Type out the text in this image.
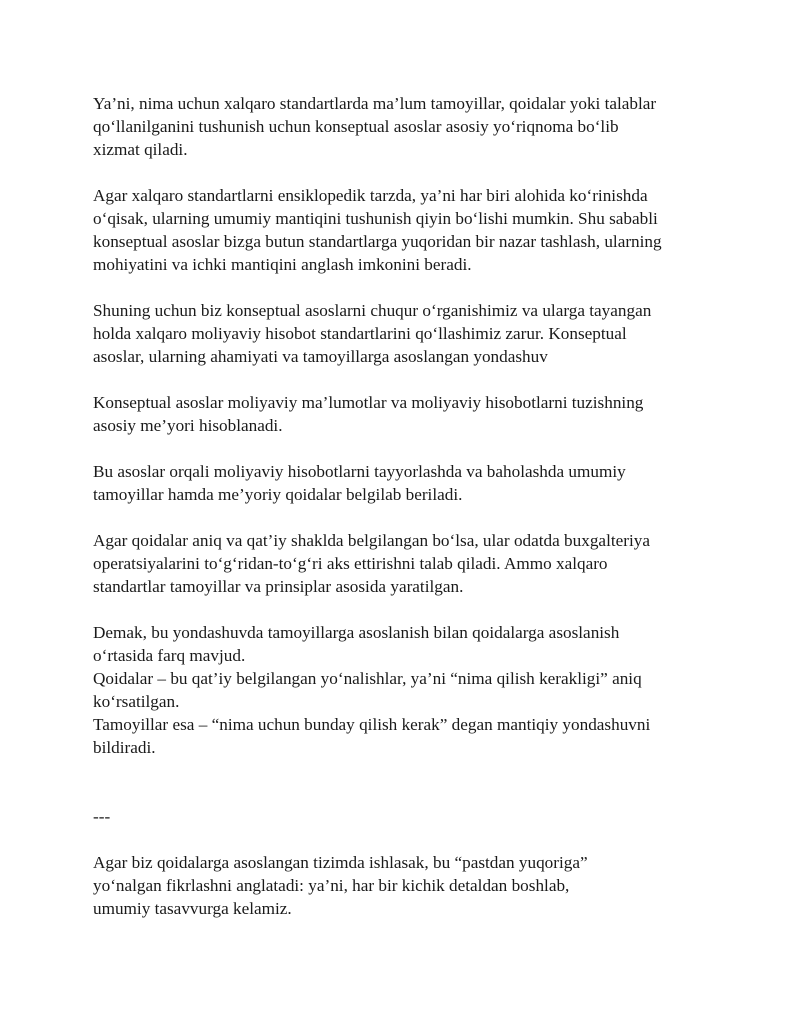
Ya’ni, nima uchun xalqaro standartlarda ma’lum tamoyillar, qoidalar yoki talablar
qo‘llanilganini tushunish uchun konseptual asoslar asosiy yo‘riqnoma bo‘lib
xizmat qiladi.
Agar xalqaro standartlarni ensiklopedik tarzda, ya’ni har biri alohida ko‘rinishda
o‘qisak, ularning umumiy mantiqini tushunish qiyin bo‘lishi mumkin. Shu sababli
konseptual asoslar bizga butun standartlarga yuqoridan bir nazar tashlash, ularning
mohiyatini va ichki mantiqini anglash imkonini beradi.
Shuning uchun biz konseptual asoslarni chuqur o‘rganishimiz va ularga tayangan
holda xalqaro moliyaviy hisobot standartlarini qo‘llashimiz zarur. Konseptual
asoslar, ularning ahamiyati va tamoyillarga asoslangan yondashuv
Konseptual asoslar moliyaviy ma’lumotlar va moliyaviy hisobotlarni tuzishning
asosiy me’yori hisoblanadi.
Bu asoslar orqali moliyaviy hisobotlarni tayyorlashda va baholashda umumiy
tamoyillar hamda me’yoriy qoidalar belgilab beriladi.
Agar qoidalar aniq va qat’iy shaklda belgilangan bo‘lsa, ular odatda buxgalteriya
operatsiyalarini to‘g‘ridan-to‘g‘ri aks ettirishni talab qiladi. Ammo xalqaro
standartlar tamoyillar va prinsiplar asosida yaratilgan.
Demak, bu yondashuvda tamoyillarga asoslanish bilan qoidalarga asoslanish
o‘rtasida farq mavjud.
Qoidalar – bu qat’iy belgilangan yo‘nalishlar, ya’ni “nima qilish kerakligi” aniq
ko‘rsatilgan.
Tamoyillar esa – “nima uchun bunday qilish kerak” degan mantiqiy yondashuvni
bildiradi.
---
Agar biz qoidalarga asoslangan tizimda ishlasak, bu “pastdan yuqoriga”
yo‘nalgan fikrlashni anglatadi: ya’ni, har bir kichik detaldan boshlab,
umumiy tasavvurga kelamiz.
